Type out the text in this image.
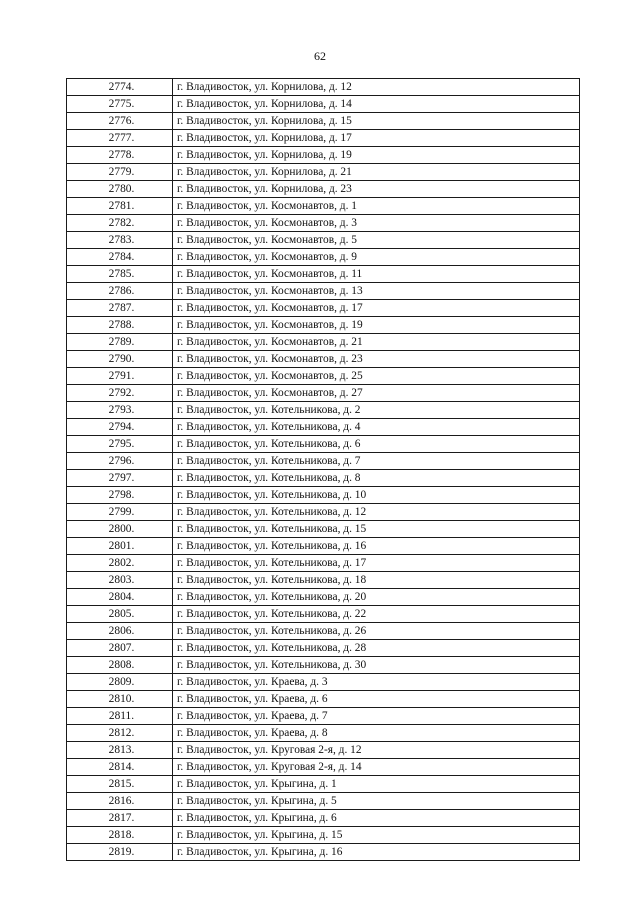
62
2774.	г. Владивосток, ул. Корнилова, д. 12
2775.	г. Владивосток, ул. Корнилова, д. 14
2776.	г. Владивосток, ул. Корнилова, д. 15
2777.	г. Владивосток, ул. Корнилова, д. 17
2778.	г. Владивосток, ул. Корнилова, д. 19
2779.	г. Владивосток, ул. Корнилова, д. 21
2780.	г. Владивосток, ул. Корнилова, д. 23
2781.	г. Владивосток, ул. Космонавтов, д. 1
2782.	г. Владивосток, ул. Космонавтов, д. 3
2783.	г. Владивосток, ул. Космонавтов, д. 5
2784.	г. Владивосток, ул. Космонавтов, д. 9
2785.	г. Владивосток, ул. Космонавтов, д. 11
2786.	г. Владивосток, ул. Космонавтов, д. 13
2787.	г. Владивосток, ул. Космонавтов, д. 17
2788.	г. Владивосток, ул. Космонавтов, д. 19
2789.	г. Владивосток, ул. Космонавтов, д. 21
2790.	г. Владивосток, ул. Космонавтов, д. 23
2791.	г. Владивосток, ул. Космонавтов, д. 25
2792.	г. Владивосток, ул. Космонавтов, д. 27
2793.	г. Владивосток, ул. Котельникова, д. 2
2794.	г. Владивосток, ул. Котельникова, д. 4
2795.	г. Владивосток, ул. Котельникова, д. 6
2796.	г. Владивосток, ул. Котельникова, д. 7
2797.	г. Владивосток, ул. Котельникова, д. 8
2798.	г. Владивосток, ул. Котельникова, д. 10
2799.	г. Владивосток, ул. Котельникова, д. 12
2800.	г. Владивосток, ул. Котельникова, д. 15
2801.	г. Владивосток, ул. Котельникова, д. 16
2802.	г. Владивосток, ул. Котельникова, д. 17
2803.	г. Владивосток, ул. Котельникова, д. 18
2804.	г. Владивосток, ул. Котельникова, д. 20
2805.	г. Владивосток, ул. Котельникова, д. 22
2806.	г. Владивосток, ул. Котельникова, д. 26
2807.	г. Владивосток, ул. Котельникова, д. 28
2808.	г. Владивосток, ул. Котельникова, д. 30
2809.	г. Владивосток, ул. Краева, д. 3
2810.	г. Владивосток, ул. Краева, д. 6
2811.	г. Владивосток, ул. Краева, д. 7
2812.	г. Владивосток, ул. Краева, д. 8
2813.	г. Владивосток, ул. Круговая 2-я, д. 12
2814.	г. Владивосток, ул. Круговая 2-я, д. 14
2815.	г. Владивосток, ул. Крыгина, д. 1
2816.	г. Владивосток, ул. Крыгина, д. 5
2817.	г. Владивосток, ул. Крыгина, д. 6
2818.	г. Владивосток, ул. Крыгина, д. 15
2819.	г. Владивосток, ул. Крыгина, д. 16
